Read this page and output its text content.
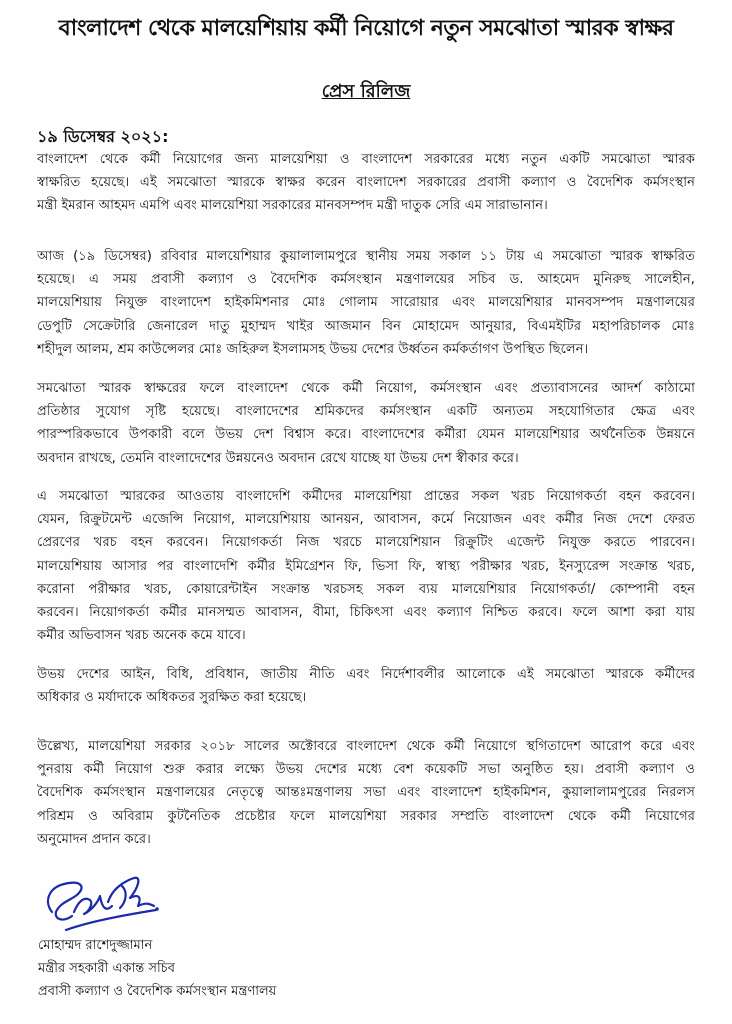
বাংলাদেশ থেকে মালয়েশিয়ায় কর্মী নিয়োগে নতুন সমঝোতা স্মারক স্বাক্ষর
প্রেস রিলিজ
১৯ ডিসেম্বর ২০২১:
বাংলাদেশ থেকে কর্মী নিয়োগের জন্য মালয়েশিয়া ও বাংলাদেশ সরকারের মধ্যে নতুন একটি সমঝোতা স্মারক
স্বাক্ষরিত হয়েছে। এই সমঝোতা স্মারকে স্বাক্ষর করেন বাংলাদেশ সরকারের প্রবাসী কল্যাণ ও বৈদেশিক কর্মসংস্থান
মন্ত্রী ইমরান আহমদ এমপি এবং মালয়েশিয়া সরকারের মানবসম্পদ মন্ত্রী দাতুক সেরি এম সারাভানান।
আজ (১৯ ডিসেম্বর) রবিবার মালয়েশিয়ার কুয়ালালামপুরে স্থানীয় সময় সকাল ১১ টায় এ সমঝোতা স্মারক স্বাক্ষরিত
হয়েছে। এ সময় প্রবাসী কল্যাণ ও বৈদেশিক কর্মসংস্থান মন্ত্রণালয়ের সচিব ড. আহমেদ মুনিরুছ সালেহীন,
মালয়েশিয়ায় নিযুক্ত বাংলাদেশ হাইকমিশনার মোঃ গোলাম সারোয়ার এবং মালয়েশিয়ার মানবসম্পদ মন্ত্রণালয়ের
ডেপুটি সেক্রেটারি জেনারেল দাতু মুহাম্মদ খাইর আজমান বিন মোহামেদ আনুয়ার, বিএমইটির মহাপরিচালক মোঃ
শহীদুল আলম, শ্রম কাউন্সেলর মোঃ জহিরুল ইসলামসহ উভয় দেশের উর্ধ্বতন কর্মকর্তাগণ উপস্থিত ছিলেন।
সমঝোতা স্মারক স্বাক্ষরের ফলে বাংলাদেশ থেকে কর্মী নিয়োগ, কর্মসংস্থান এবং প্রত্যাবাসনের আদর্শ কাঠামো
প্রতিষ্ঠার সুযোগ সৃষ্টি হয়েছে। বাংলাদেশের শ্রমিকদের কর্মসংস্থান একটি অন্যতম সহযোগিতার ক্ষেত্র এবং
পারস্পরিকভাবে উপকারী বলে উভয় দেশ বিশ্বাস করে। বাংলাদেশের কর্মীরা যেমন মালয়েশিয়ার অর্থনৈতিক উন্নয়নে
অবদান রাখছে, তেমনি বাংলাদেশের উন্নয়নেও অবদান রেখে যাচ্ছে যা উভয় দেশ স্বীকার করে।
এ সমঝোতা স্মারকের আওতায় বাংলাদেশি কর্মীদের মালয়েশিয়া প্রান্তের সকল খরচ নিয়োগকর্তা বহন করবেন।
যেমন, রিক্রুটমেন্ট এজেন্সি নিয়োগ, মালয়েশিয়ায় আনয়ন, আবাসন, কর্মে নিয়োজন এবং কর্মীর নিজ দেশে ফেরত
প্রেরণের খরচ বহন করবেন। নিয়োগকর্তা নিজ খরচে মালয়েশিয়ান রিক্রুটিং এজেন্ট নিযুক্ত করতে পারবেন।
মালয়েশিয়ায় আসার পর বাংলাদেশি কর্মীর ইমিগ্রেশন ফি, ভিসা ফি, স্বাস্থ্য পরীক্ষার খরচ, ইনস্যুরেন্স সংক্রান্ত খরচ,
করোনা পরীক্ষার খরচ, কোয়ারেন্টাইন সংক্রান্ত খরচসহ সকল ব্যয় মালয়েশিয়ার নিয়োগকর্তা/ কোম্পানী বহন
করবেন। নিয়োগকর্তা কর্মীর মানসম্মত আবাসন, বীমা, চিকিৎসা এবং কল্যাণ নিশ্চিত করবে। ফলে আশা করা যায়
কর্মীর অভিবাসন খরচ অনেক কমে যাবে।
উভয় দেশের আইন, বিধি, প্রবিধান, জাতীয় নীতি এবং নির্দেশাবলীর আলোকে এই সমঝোতা স্মারকে কর্মীদের
অধিকার ও মর্যাদাকে অধিকতর সুরক্ষিত করা হয়েছে।
উল্লেখ্য, মালয়েশিয়া সরকার ২০১৮ সালের অক্টোবরে বাংলাদেশ থেকে কর্মী নিয়োগে স্থগিতাদেশ আরোপ করে এবং
পুনরায় কর্মী নিয়োগ শুরু করার লক্ষ্যে উভয় দেশের মধ্যে বেশ কয়েকটি সভা অনুষ্ঠিত হয়। প্রবাসী কল্যাণ ও
বৈদেশিক কর্মসংস্থান মন্ত্রণালয়ের নেতৃত্বে আন্তঃমন্ত্রণালয় সভা এবং বাংলাদেশ হাইকমিশন, কুয়ালালামপুরের নিরলস
পরিশ্রম ও অবিরাম কুটনৈতিক প্রচেষ্টার ফলে মালয়েশিয়া সরকার সম্প্রতি বাংলাদেশ থেকে কর্মী নিয়োগের
অনুমোদন প্রদান করে।
মোহাম্মদ রাশেদুজ্জামান
মন্ত্রীর সহকারী একান্ত সচিব
প্রবাসী কল্যাণ ও বৈদেশিক কর্মসংস্থান মন্ত্রণালয়
